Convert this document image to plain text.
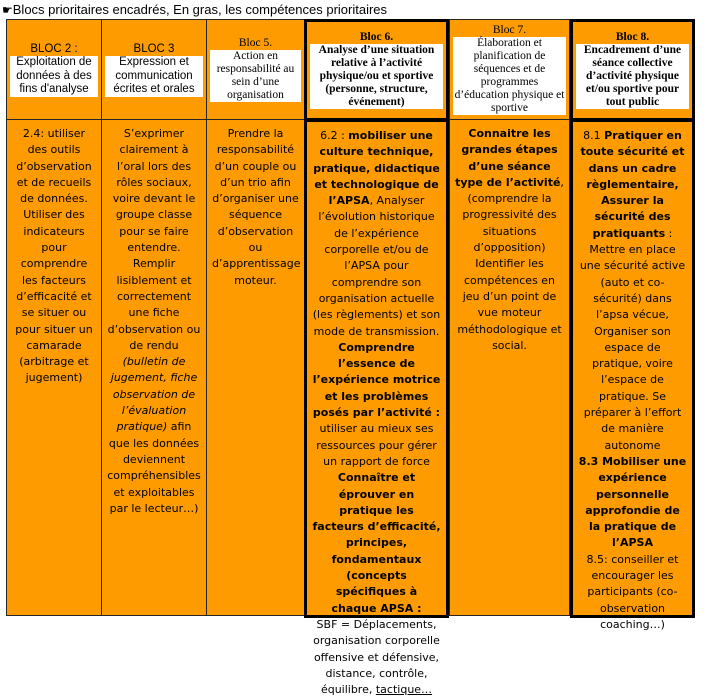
☛Blocs prioritaires encadrés, En gras, les compétences prioritaires
BLOC 2 :
Exploitation de données à des fins d'analyse
BLOC 3
Expression et communication écrites et orales
Bloc 5.
Action en responsabilité au sein d’une organisation
Bloc 6.
Analyse d’une situation relative à l’activité physique/ou et sportive (personne, structure, événement)
Bloc 7.
Élaboration et planification de séquences et de programmes d’éducation physique et sportive
Bloc 8.
Encadrement d’une séance collective d’activité physique et/ou sportive pour tout public

2.4: utiliser des outils d’observation et de recueils de données. Utiliser des indicateurs pour comprendre les facteurs d’efficacité et se situer ou pour situer un camarade (arbitrage et jugement)

S’exprimer clairement à l’oral lors des rôles sociaux, voire devant le groupe classe pour se faire entendre.

Remplir lisiblement et correctement une fiche d’observation ou de rendu (bulletin de jugement, fiche observation de l’évaluation pratique) afin que les données deviennent compréhensibles et exploitables par le lecteur…)

Prendre la responsabilité d’un couple ou d’un trio afin d’organiser une séquence d’observation ou d’apprentissage moteur.

6.2 : mobiliser une culture technique, pratique, didactique et technologique de l’APSA, Analyser l’évolution historique de l’expérience corporelle et/ou de l’APSA pour comprendre son organisation actuelle (les règlements) et son mode de transmission.

Comprendre l’essence de l’expérience motrice et les problèmes posés par l’activité :

utiliser au mieux ses ressources pour gérer un rapport de force

Connaître et éprouver en pratique les facteurs d’efficacité, principes, fondamentaux (concepts spécifiques à chaque APSA :

SBF = Déplacements, organisation corporelle offensive et défensive, distance, contrôle, équilibre, tactique…

Connaitre les grandes étapes d’une séance type de l’activité, (comprendre la progressivité des situations d’opposition) Identifier les compétences en jeu d’un point de vue moteur méthodologique et social.

8.1 Pratiquer en toute sécurité et dans un cadre règlementaire, Assurer la sécurité des pratiquants : Mettre en place une sécurité active (auto et co-sécurité) dans l’apsa vécue, Organiser son espace de pratique, voire l’espace de pratique. Se préparer à l’effort de manière autonome

8.3 Mobiliser une expérience personnelle approfondie de la pratique de l’APSA

8.5: conseiller et encourager les participants (co-observation coaching…)
